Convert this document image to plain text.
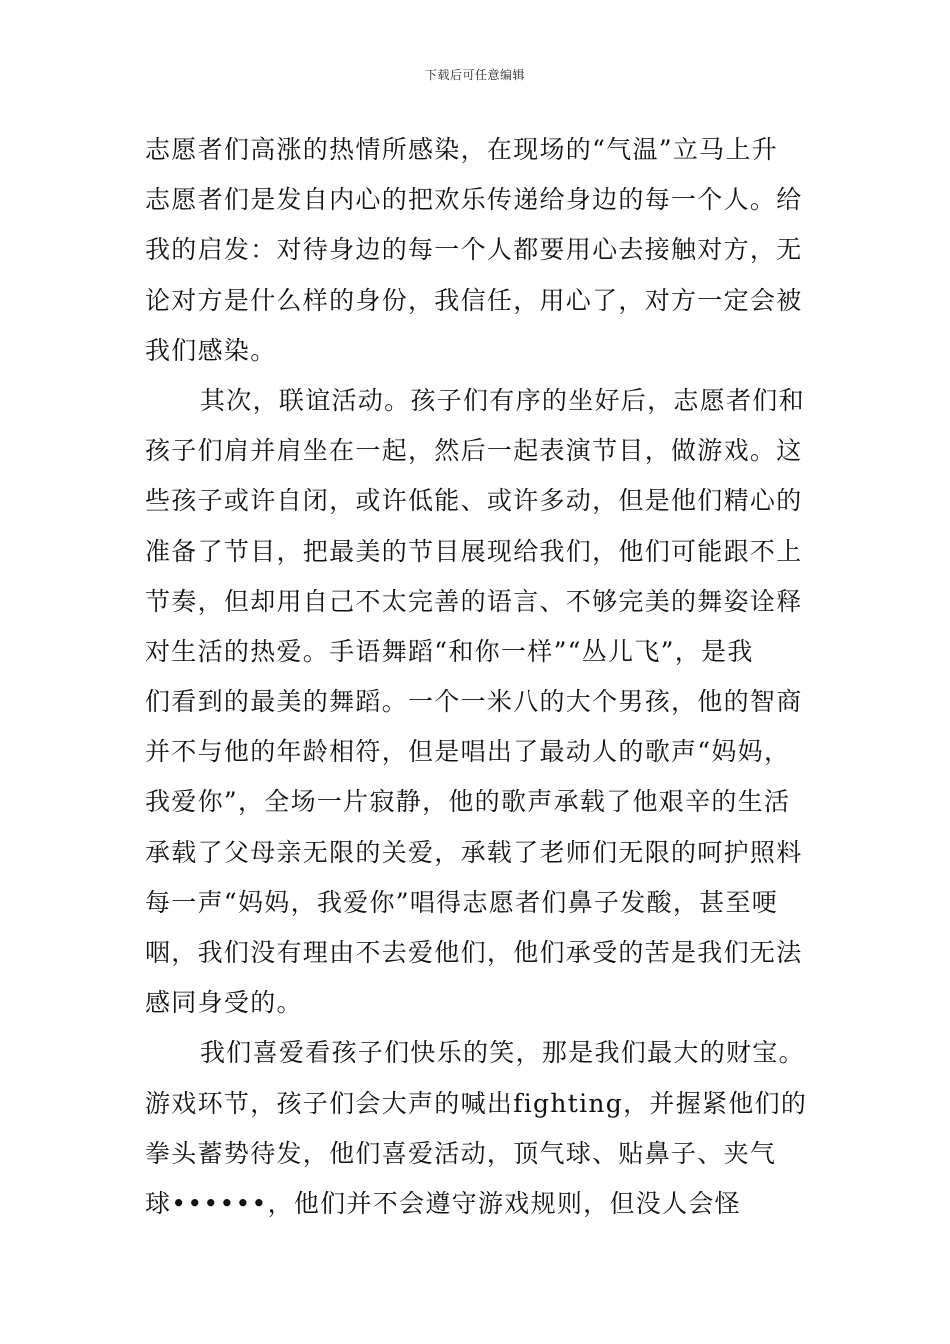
下载后可任意编辑
志愿者们高涨的热情所感染，在现场的“气温”立马上升
志愿者们是发自内心的把欢乐传递给身边的每一个人。给
我的启发：对待身边的每一个人都要用心去接触对方，无
论对方是什么样的身份，我信任，用心了，对方一定会被
我们感染。
其次，联谊活动。孩子们有序的坐好后，志愿者们和
孩子们肩并肩坐在一起，然后一起表演节目，做游戏。这
些孩子或许自闭，或许低能、或许多动，但是他们精心的
准备了节目，把最美的节目展现给我们，他们可能跟不上
节奏，但却用自己不太完善的语言、不够完美的舞姿诠释
对生活的热爱。手语舞蹈“和你一样”“丛儿飞”，是我
们看到的最美的舞蹈。一个一米八的大个男孩，他的智商
并不与他的年龄相符，但是唱出了最动人的歌声“妈妈，
我爱你”，全场一片寂静，他的歌声承载了他艰辛的生活
承载了父母亲无限的关爱，承载了老师们无限的呵护照料
每一声“妈妈，我爱你”唱得志愿者们鼻子发酸，甚至哽
咽，我们没有理由不去爱他们，他们承受的苦是我们无法
感同身受的。
我们喜爱看孩子们快乐的笑，那是我们最大的财宝。
游戏环节，孩子们会大声的喊出fighting，并握紧他们的
拳头蓄势待发，他们喜爱活动，顶气球、贴鼻子、夹气
球••••••，他们并不会遵守游戏规则，但没人会怪
